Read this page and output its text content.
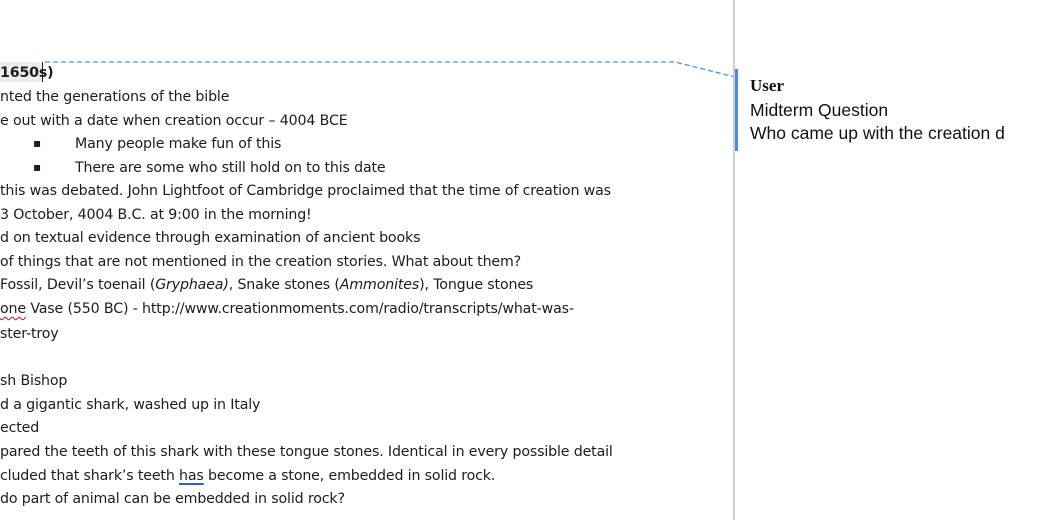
1650s)
nted the generations of the bible
e out with a date when creation occur – 4004 BCE
▪ Many people make fun of this
▪ There are some who still hold on to this date
this was debated. John Lightfoot of Cambridge proclaimed that the time of creation was
3 October, 4004 B.C. at 9:00 in the morning!
d on textual evidence through examination of ancient books
of things that are not mentioned in the creation stories. What about them?
Fossil, Devil’s toenail (Gryphaea), Snake stones (Ammonites), Tongue stones
one Vase (550 BC) - http://www.creationmoments.com/radio/transcripts/what-was-
ster-troy
sh Bishop
d a gigantic shark, washed up in Italy
ected
pared the teeth of this shark with these tongue stones. Identical in every possible detail
cluded that shark’s teeth has become a stone, embedded in solid rock.
do part of animal can be embedded in solid rock?
User
Midterm Question
Who came up with the creation d
